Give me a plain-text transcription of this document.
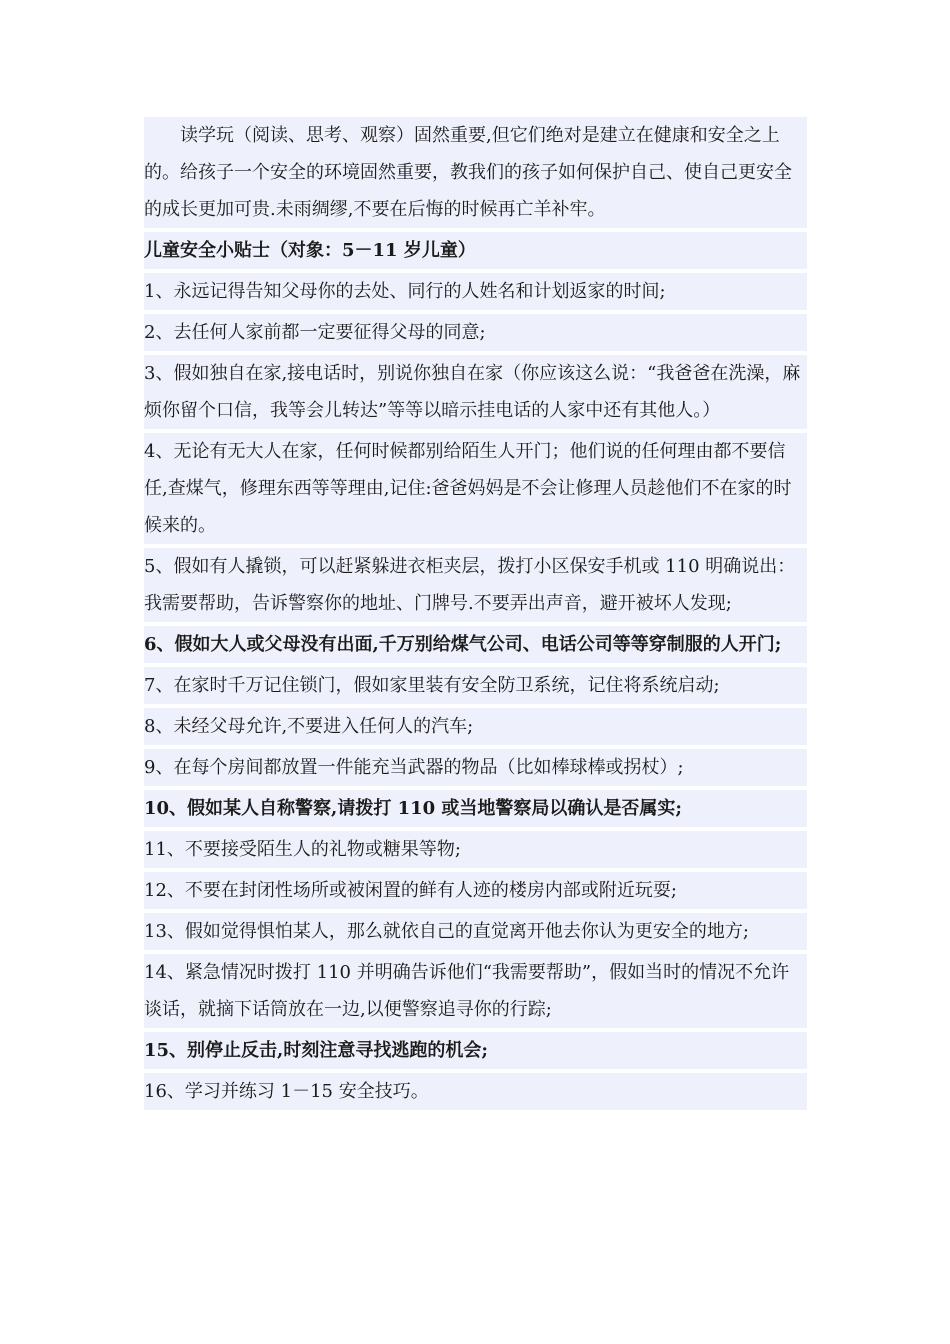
读学玩（阅读、思考、观察）固然重要,但它们绝对是建立在健康和安全之上的。给孩子一个安全的环境固然重要，教我们的孩子如何保护自己、使自己更安全的成长更加可贵.未雨绸缪,不要在后悔的时候再亡羊补牢。

儿童安全小贴士（对象：5－11 岁儿童）

1、永远记得告知父母你的去处、同行的人姓名和计划返家的时间;

2、去任何人家前都一定要征得父母的同意;

3、假如独自在家,接电话时，别说你独自在家（你应该这么说：“我爸爸在洗澡，麻烦你留个口信，我等会儿转达”等等以暗示挂电话的人家中还有其他人。）

4、无论有无大人在家，任何时候都别给陌生人开门；他们说的任何理由都不要信任,查煤气，修理东西等等理由,记住:爸爸妈妈是不会让修理人员趁他们不在家的时候来的。

5、假如有人撬锁，可以赶紧躲进衣柜夹层，拨打小区保安手机或 110 明确说出：我需要帮助，告诉警察你的地址、门牌号.不要弄出声音，避开被坏人发现;

6、假如大人或父母没有出面,千万别给煤气公司、电话公司等等穿制服的人开门;

7、在家时千万记住锁门，假如家里装有安全防卫系统，记住将系统启动;

8、未经父母允许,不要进入任何人的汽车;

9、在每个房间都放置一件能充当武器的物品（比如棒球棒或拐杖）;

10、假如某人自称警察,请拨打 110 或当地警察局以确认是否属实;

11、不要接受陌生人的礼物或糖果等物;

12、不要在封闭性场所或被闲置的鲜有人迹的楼房内部或附近玩耍;

13、假如觉得惧怕某人，那么就依自己的直觉离开他去你认为更安全的地方;

14、紧急情况时拨打 110 并明确告诉他们“我需要帮助”，假如当时的情况不允许谈话，就摘下话筒放在一边,以便警察追寻你的行踪;

15、别停止反击,时刻注意寻找逃跑的机会;

16、学习并练习 1－15 安全技巧。
